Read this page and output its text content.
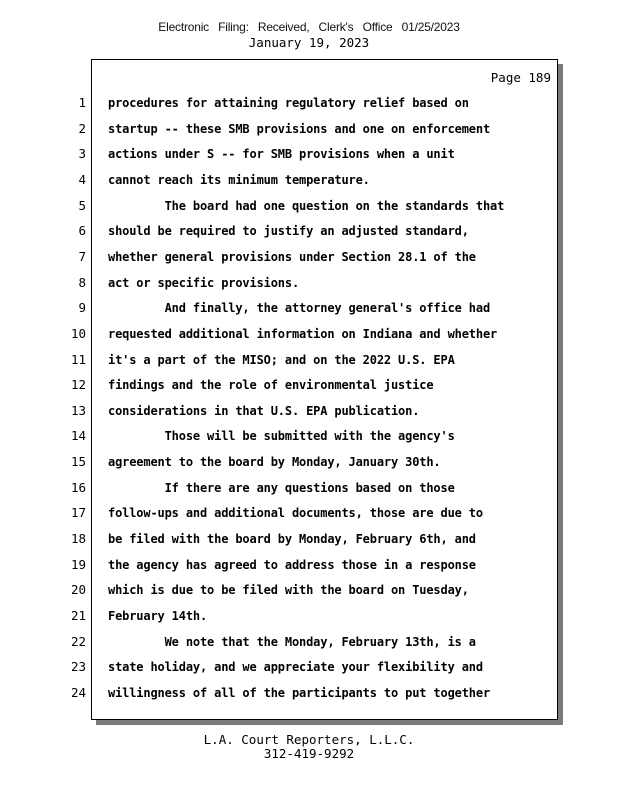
Electronic Filing: Received, Clerk's Office 01/25/2023
January 19, 2023
Page 189
1 procedures for attaining regulatory relief based on
2 startup -- these SMB provisions and one on enforcement
3 actions under S -- for SMB provisions when a unit
4 cannot reach its minimum temperature.
5 The board had one question on the standards that
6 should be required to justify an adjusted standard,
7 whether general provisions under Section 28.1 of the
8 act or specific provisions.
9 And finally, the attorney general's office had
10 requested additional information on Indiana and whether
11 it's a part of the MISO; and on the 2022 U.S. EPA
12 findings and the role of environmental justice
13 considerations in that U.S. EPA publication.
14 Those will be submitted with the agency's
15 agreement to the board by Monday, January 30th.
16 If there are any questions based on those
17 follow-ups and additional documents, those are due to
18 be filed with the board by Monday, February 6th, and
19 the agency has agreed to address those in a response
20 which is due to be filed with the board on Tuesday,
21 February 14th.
22 We note that the Monday, February 13th, is a
23 state holiday, and we appreciate your flexibility and
24 willingness of all of the participants to put together
L.A. Court Reporters, L.L.C.
312-419-9292
